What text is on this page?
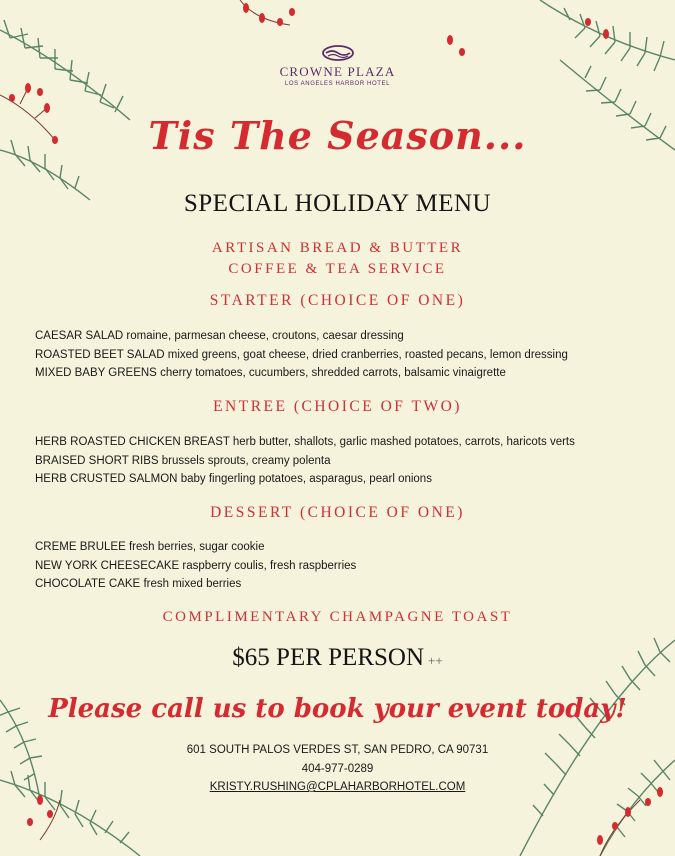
CROWNE PLAZA
LOS ANGELES HARBOR HOTEL
Tis The Season...
SPECIAL HOLIDAY MENU
ARTISAN BREAD & BUTTER
COFFEE & TEA SERVICE
STARTER (CHOICE OF ONE)
CAESAR SALAD romaine, parmesan cheese, croutons, caesar dressing
ROASTED BEET SALAD mixed greens, goat cheese, dried cranberries, roasted pecans, lemon dressing
MIXED BABY GREENS cherry tomatoes, cucumbers, shredded carrots, balsamic vinaigrette
ENTREE (CHOICE OF TWO)
HERB ROASTED CHICKEN BREAST herb butter, shallots, garlic mashed potatoes, carrots, haricots verts
BRAISED SHORT RIBS brussels sprouts, creamy polenta
HERB CRUSTED SALMON baby fingerling potatoes, asparagus, pearl onions
DESSERT (CHOICE OF ONE)
CREME BRULEE fresh berries, sugar cookie
NEW YORK CHEESECAKE raspberry coulis, fresh raspberries
CHOCOLATE CAKE fresh mixed berries
COMPLIMENTARY CHAMPAGNE TOAST
$65 PER PERSON ++
Please call us to book your event today!
601 SOUTH PALOS VERDES ST, SAN PEDRO, CA 90731
404-977-0289
KRISTY.RUSHING@CPLAHARBORHOTEL.COM
